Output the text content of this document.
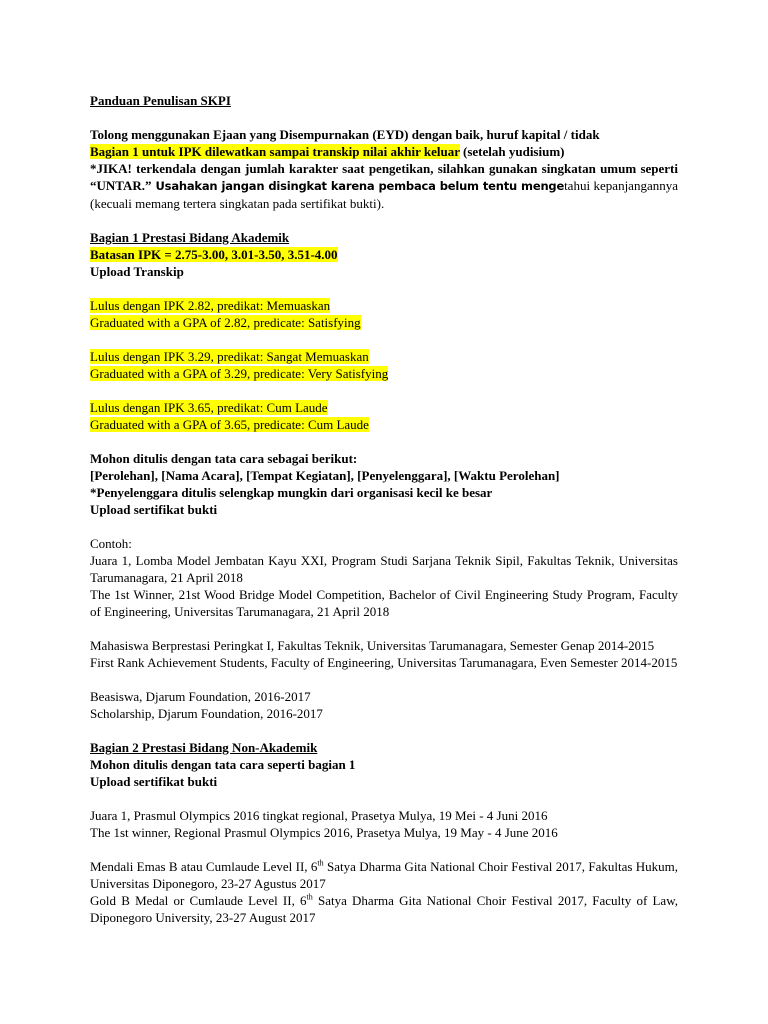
Panduan Penulisan SKPI
Tolong menggunakan Ejaan yang Disempurnakan (EYD) dengan baik, huruf kapital / tidak
Bagian 1 untuk IPK dilewatkan sampai transkip nilai akhir keluar (setelah yudisium)
*JIKA! terkendala dengan jumlah karakter saat pengetikan, silahkan gunakan singkatan umum seperti “UNTAR.” Usahakan jangan disingkat karena pembaca belum tentu mengetahui kepanjangannya (kecuali memang tertera singkatan pada sertifikat bukti).
Bagian 1 Prestasi Bidang Akademik
Batasan IPK = 2.75-3.00, 3.01-3.50, 3.51-4.00
Upload Transkip
Lulus dengan IPK 2.82, predikat: Memuaskan
Graduated with a GPA of 2.82, predicate: Satisfying
Lulus dengan IPK 3.29, predikat: Sangat Memuaskan
Graduated with a GPA of 3.29, predicate: Very Satisfying
Lulus dengan IPK 3.65, predikat: Cum Laude
Graduated with a GPA of 3.65, predicate: Cum Laude
Mohon ditulis dengan tata cara sebagai berikut:
[Perolehan], [Nama Acara], [Tempat Kegiatan], [Penyelenggara], [Waktu Perolehan]
*Penyelenggara ditulis selengkap mungkin dari organisasi kecil ke besar
Upload sertifikat bukti
Contoh:
Juara 1, Lomba Model Jembatan Kayu XXI, Program Studi Sarjana Teknik Sipil, Fakultas Teknik, Universitas Tarumanagara, 21 April 2018
The 1st Winner, 21st Wood Bridge Model Competition, Bachelor of Civil Engineering Study Program, Faculty of Engineering, Universitas Tarumanagara, 21 April 2018
Mahasiswa Berprestasi Peringkat I, Fakultas Teknik, Universitas Tarumanagara, Semester Genap 2014-2015
First Rank Achievement Students, Faculty of Engineering, Universitas Tarumanagara, Even Semester 2014-2015
Beasiswa, Djarum Foundation, 2016-2017
Scholarship, Djarum Foundation, 2016-2017
Bagian 2 Prestasi Bidang Non-Akademik
Mohon ditulis dengan tata cara seperti bagian 1
Upload sertifikat bukti
Juara 1, Prasmul Olympics 2016 tingkat regional, Prasetya Mulya, 19 Mei - 4 Juni 2016
The 1st winner, Regional Prasmul Olympics 2016, Prasetya Mulya, 19 May - 4 June 2016
Mendali Emas B atau Cumlaude Level II, 6th Satya Dharma Gita National Choir Festival 2017, Fakultas Hukum, Universitas Diponegoro, 23-27 Agustus 2017
Gold B Medal or Cumlaude Level II, 6th Satya Dharma Gita National Choir Festival 2017, Faculty of Law, Diponegoro University, 23-27 August 2017
